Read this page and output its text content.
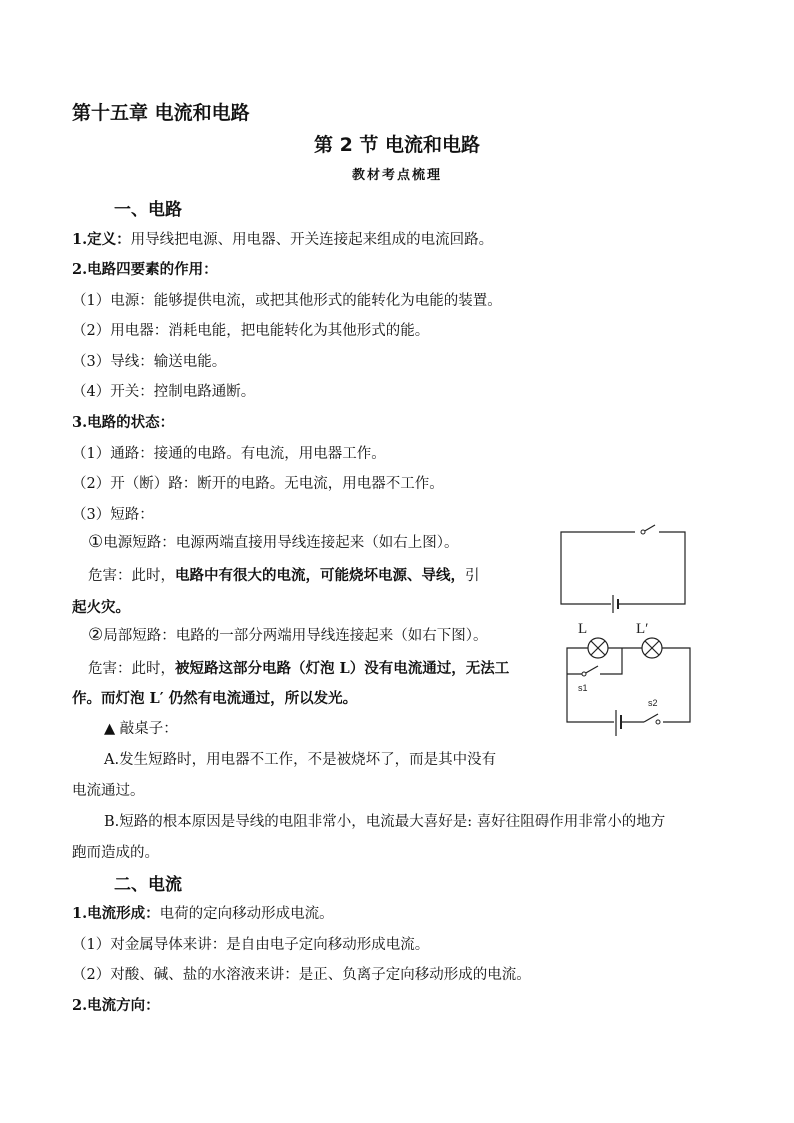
第十五章 电流和电路
第 2 节 电流和电路
教材考点梳理
一、电路
1.定义：用导线把电源、用电器、开关连接起来组成的电流回路。
2.电路四要素的作用：
（1）电源：能够提供电流，或把其他形式的能转化为电能的装置。
（2）用电器：消耗电能，把电能转化为其他形式的能。
（3）导线：输送电能。
（4）开关：控制电路通断。
3.电路的状态：
（1）通路：接通的电路。有电流，用电器工作。
（2）开（断）路：断开的电路。无电流，用电器不工作。
（3）短路：
①电源短路：电源两端直接用导线连接起来（如右上图）。
危害：此时，电路中有很大的电流，可能烧坏电源、导线，引
起火灾。
②局部短路：电路的一部分两端用导线连接起来（如右下图）。
危害：此时，被短路这部分电路（灯泡 L）没有电流通过，无法工
作。而灯泡 L′ 仍然有电流通过，所以发光。
▲ 敲桌子：
A.发生短路时，用电器不工作，不是被烧坏了，而是其中没有
电流通过。
B.短路的根本原因是导线的电阻非常小，电流最大喜好是: 喜好往阻碍作用非常小的地方
跑而造成的。
二、电流
1.电流形成：电荷的定向移动形成电流。
（1）对金属导体来讲：是自由电子定向移动形成电流。
（2）对酸、碱、盐的水溶液来讲：是正、负离子定向移动形成的电流。
2.电流方向：
L	L′
s1
s2
